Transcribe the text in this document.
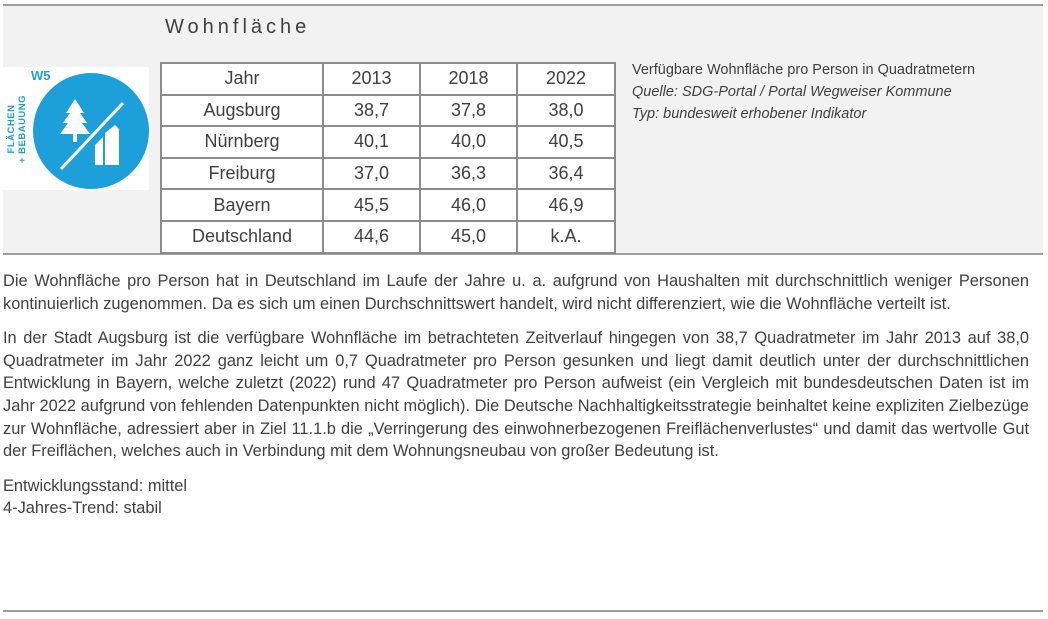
Wohnfläche
FLÄCHEN + BEBAUUNG
W5	Jahr	2013	2018	2022
Augsburg	38,7	37,8	38,0
Nürnberg	40,1	40,0	40,5
Freiburg	37,0	36,3	36,4
Bayern	45,5	46,0	46,9
Deutschland	44,6	45,0	k.A.
Verfügbare Wohnfläche pro Person in Quadratmetern
Quelle: SDG-Portal / Portal Wegweiser Kommune
Typ: bundesweit erhobener Indikator

Die Wohnfläche pro Person hat in Deutschland im Laufe der Jahre u. a. aufgrund von Haushalten mit durchschnittlich weniger Personen kontinuierlich zugenommen. Da es sich um einen Durchschnittswert handelt, wird nicht differenziert, wie die Wohnfläche verteilt ist.

In der Stadt Augsburg ist die verfügbare Wohnfläche im betrachteten Zeitverlauf hingegen von 38,7 Quadratmeter im Jahr 2013 auf 38,0 Quadratmeter im Jahr 2022 ganz leicht um 0,7 Quadratmeter pro Person gesunken und liegt damit deutlich unter der durchschnittlichen Entwicklung in Bayern, welche zuletzt (2022) rund 47 Quadratmeter pro Person aufweist (ein Vergleich mit bundesdeutschen Daten ist im Jahr 2022 aufgrund von fehlenden Datenpunkten nicht möglich). Die Deutsche Nachhaltigkeitsstrategie beinhaltet keine expliziten Zielbezüge zur Wohnfläche, adressiert aber in Ziel 11.1.b die „Verringerung des einwohnerbezogenen Freiflächenverlustes“ und damit das wertvolle Gut der Freiflächen, welches auch in Verbindung mit dem Wohnungsneubau von großer Bedeutung ist.

Entwicklungsstand: mittel
4-Jahres-Trend: stabil
